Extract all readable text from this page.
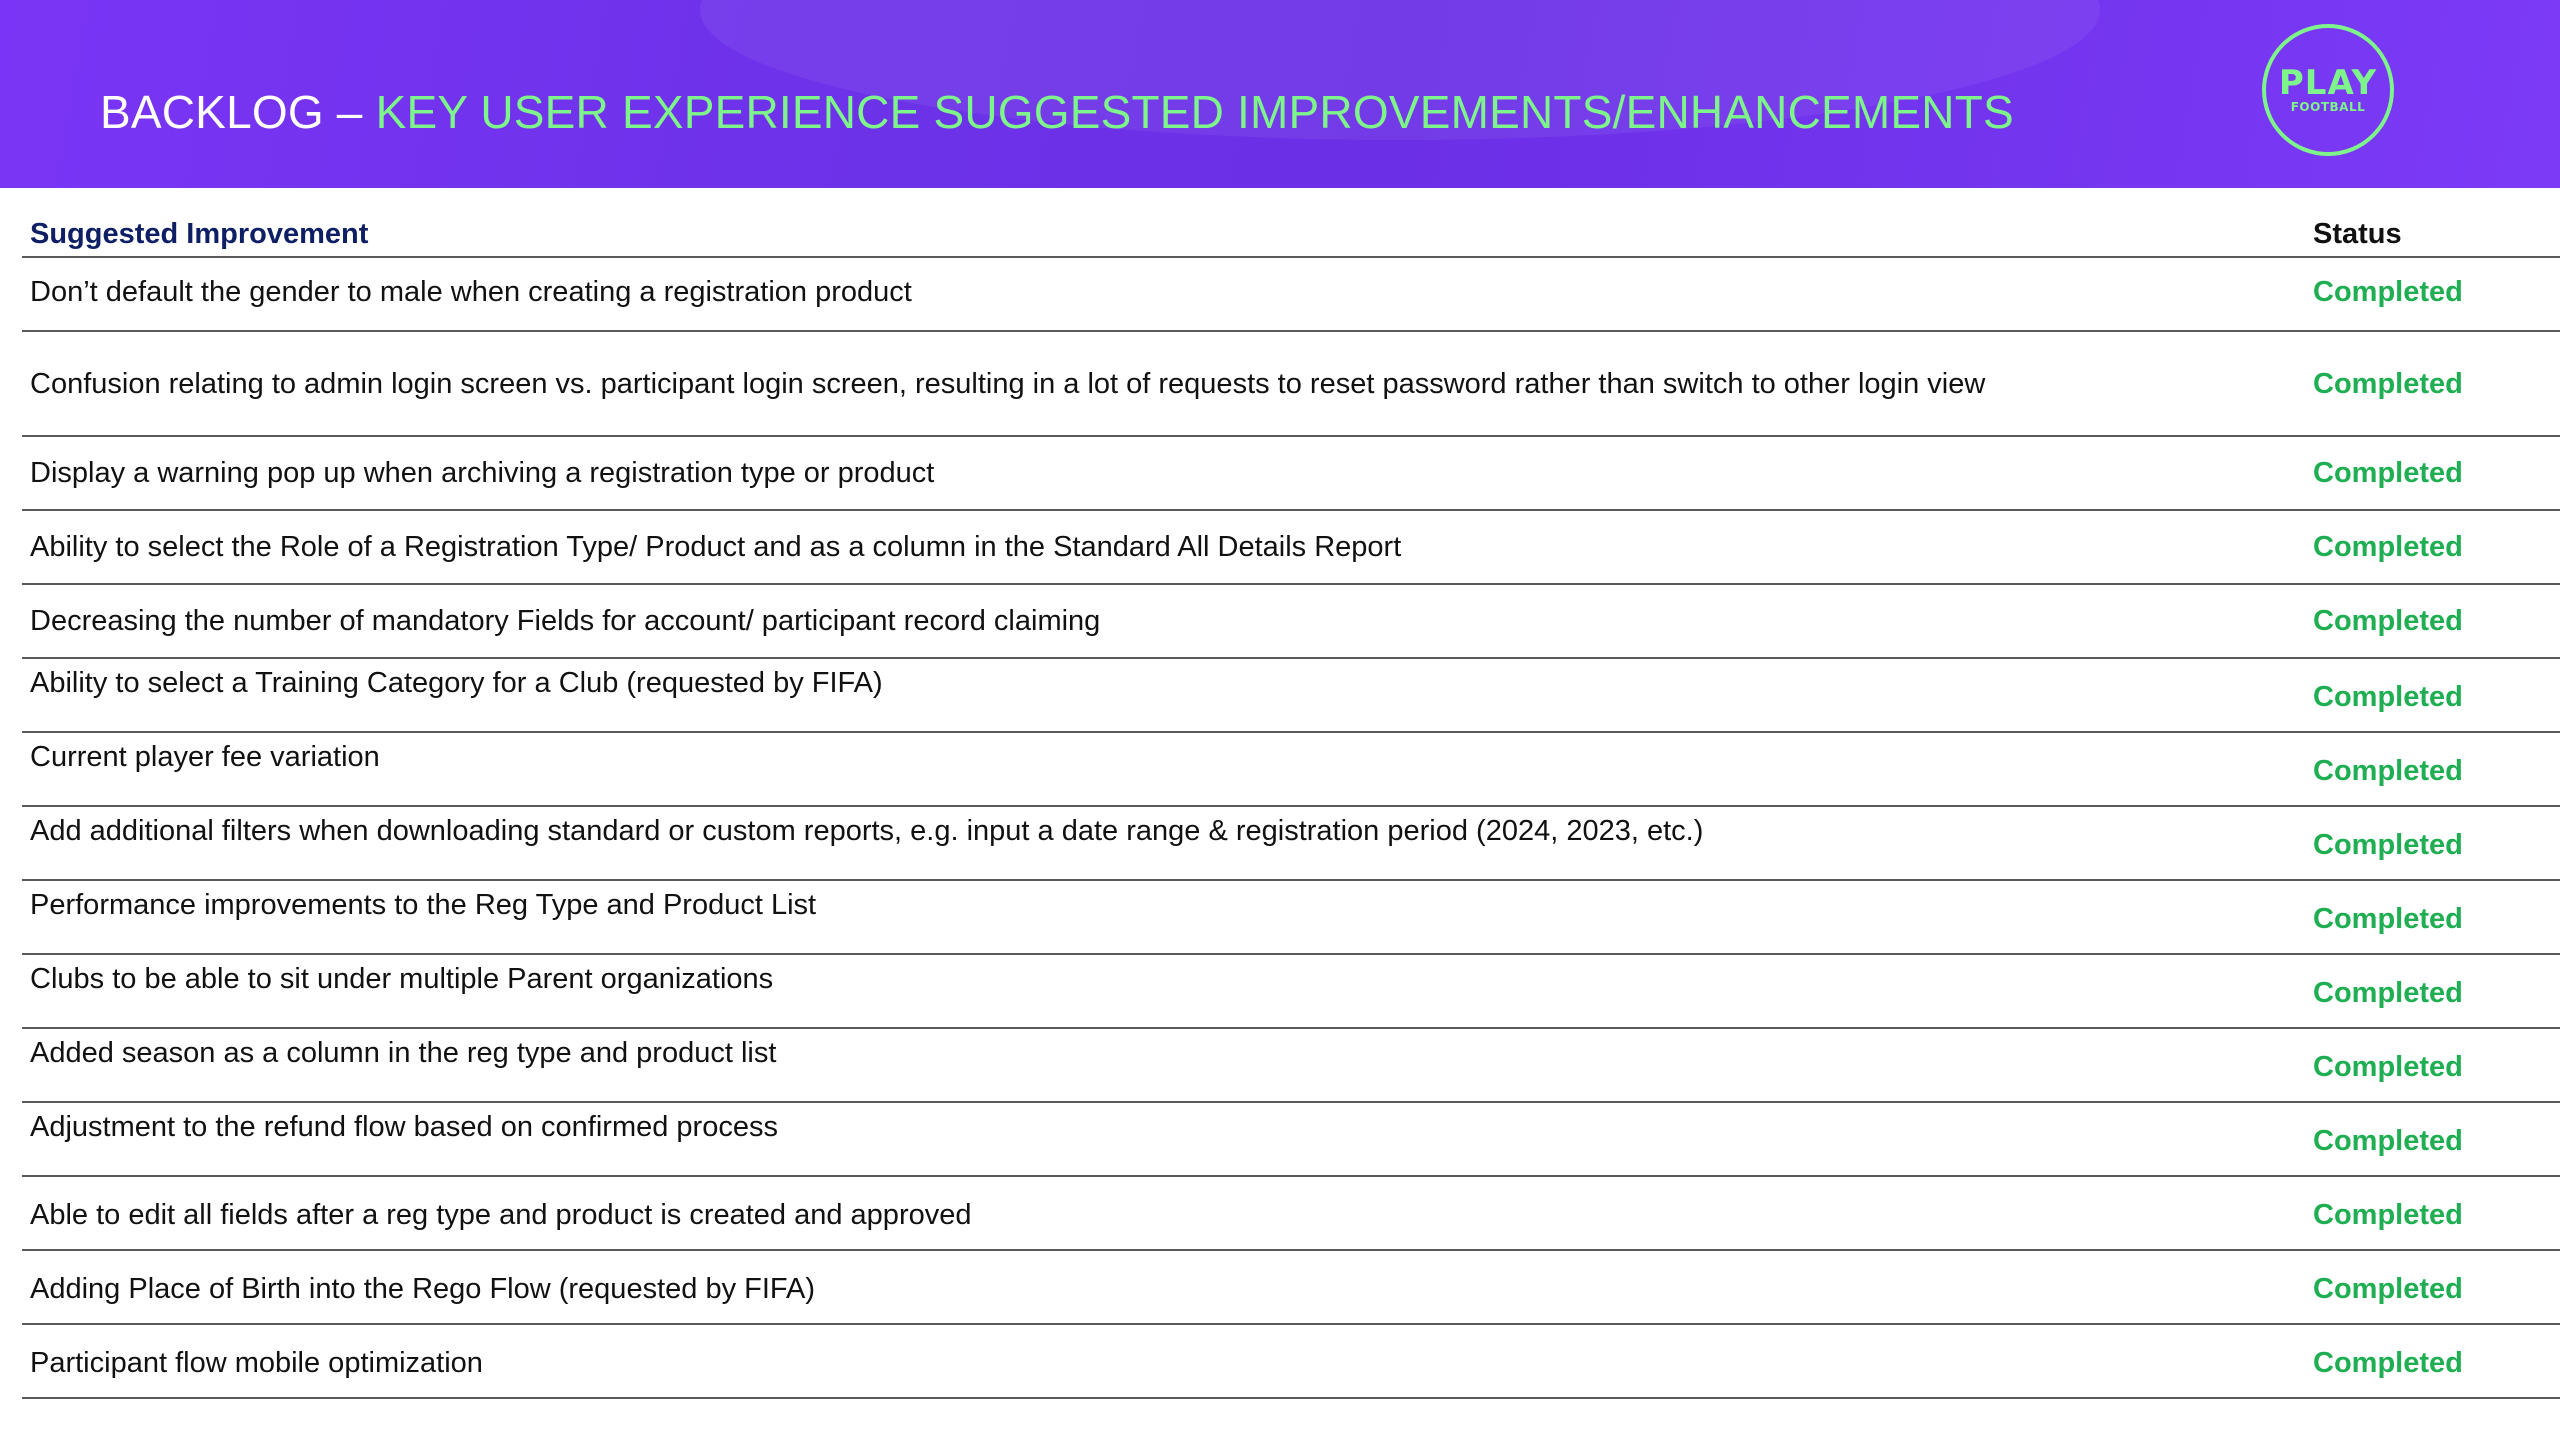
BACKLOG – KEY USER EXPERIENCE SUGGESTED IMPROVEMENTS/ENHANCEMENTS
PLAY
FOOTBALL
Suggested Improvement	Status
Don’t default the gender to male when creating a registration product	Completed
Confusion relating to admin login screen vs. participant login screen, resulting in a lot of requests to reset password rather than switch to other login view	Completed
Display a warning pop up when archiving a registration type or product	Completed
Ability to select the Role of a Registration Type/ Product and as a column in the Standard All Details Report	Completed
Decreasing the number of mandatory Fields for account/ participant record claiming	Completed
Ability to select a Training Category for a Club (requested by FIFA)	Completed
Current player fee variation	Completed
Add additional filters when downloading standard or custom reports, e.g. input a date range & registration period (2024, 2023, etc.)	Completed
Performance improvements to the Reg Type and Product List	Completed
Clubs to be able to sit under multiple Parent organizations	Completed
Added season as a column in the reg type and product list	Completed
Adjustment to the refund flow based on confirmed process	Completed
Able to edit all fields after a reg type and product is created and approved	Completed
Adding Place of Birth into the Rego Flow (requested by FIFA)	Completed
Participant flow mobile optimization	Completed
